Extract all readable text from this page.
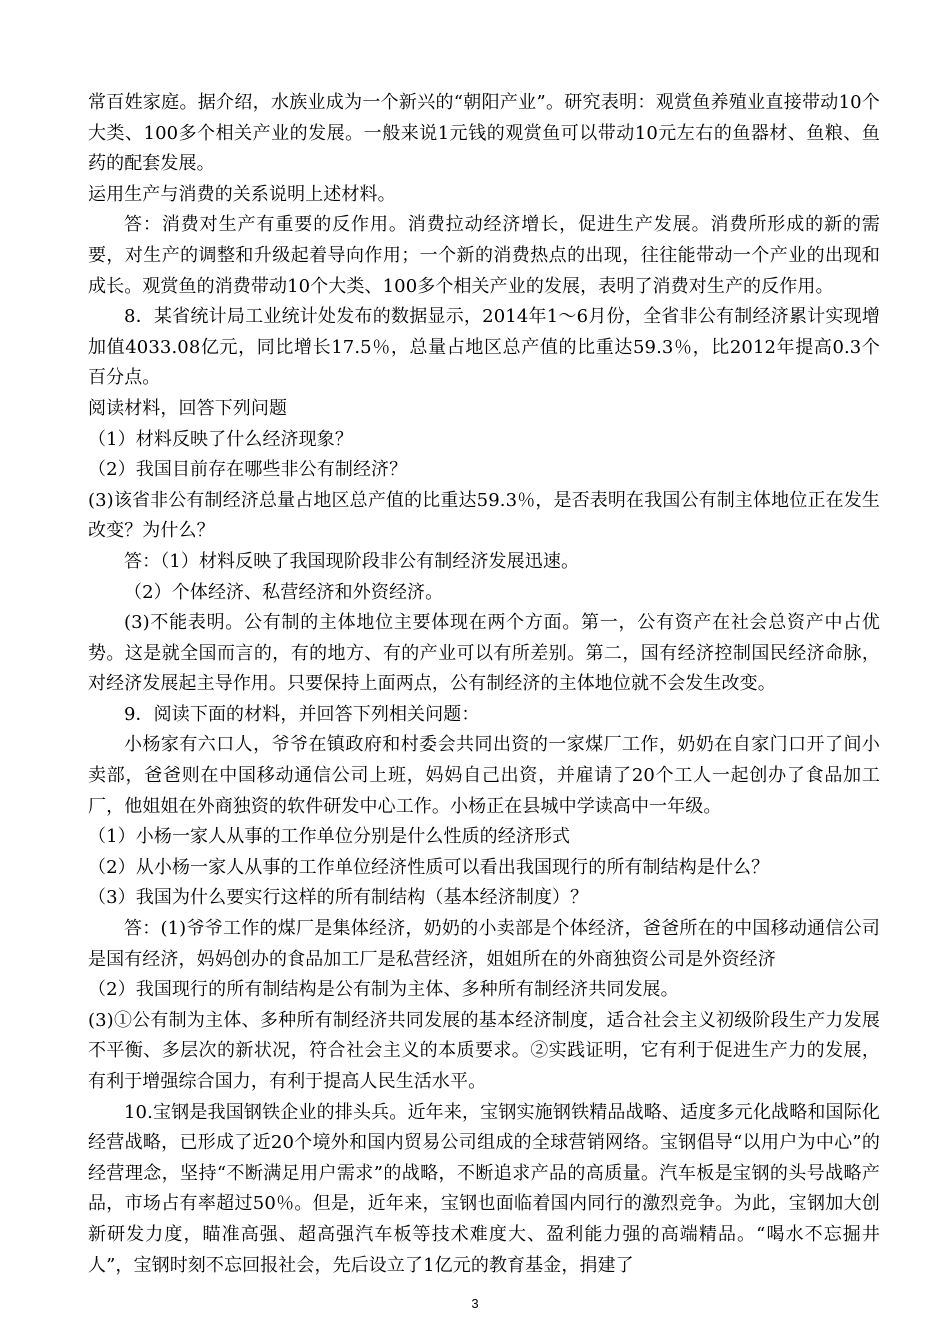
常百姓家庭。据介绍，水族业成为一个新兴的“朝阳产业”。研究表明：观赏鱼养殖业直接带动10个大类、100多个相关产业的发展。一般来说1元钱的观赏鱼可以带动10元左右的鱼器材、鱼粮、鱼药的配套发展。

运用生产与消费的关系说明上述材料。

答：消费对生产有重要的反作用。消费拉动经济增长，促进生产发展。消费所形成的新的需要，对生产的调整和升级起着导向作用；一个新的消费热点的出现，往往能带动一个产业的出现和成长。观赏鱼的消费带动10个大类、100多个相关产业的发展，表明了消费对生产的反作用。

8．某省统计局工业统计处发布的数据显示，2014年1～6月份，全省非公有制经济累计实现增加值4033.08亿元，同比增长17.5％，总量占地区总产值的比重达59.3％，比2012年提高0.3个百分点。

阅读材料，回答下列问题

（1）材料反映了什么经济现象？

（2）我国目前存在哪些非公有制经济？

(3)该省非公有制经济总量占地区总产值的比重达59.3％，是否表明在我国公有制主体地位正在发生改变？为什么？

答：（1）材料反映了我国现阶段非公有制经济发展迅速。

（2）个体经济、私营经济和外资经济。

(3)不能表明。公有制的主体地位主要体现在两个方面。第一，公有资产在社会总资产中占优势。这是就全国而言的，有的地方、有的产业可以有所差别。第二，国有经济控制国民经济命脉，对经济发展起主导作用。只要保持上面两点，公有制经济的主体地位就不会发生改变。

9．阅读下面的材料，并回答下列相关问题：

小杨家有六口人，爷爷在镇政府和村委会共同出资的一家煤厂工作，奶奶在自家门口开了间小卖部，爸爸则在中国移动通信公司上班，妈妈自己出资，并雇请了20个工人一起创办了食品加工厂，他姐姐在外商独资的软件研发中心工作。小杨正在县城中学读高中一年级。

（1）小杨一家人从事的工作单位分别是什么性质的经济形式

（2）从小杨一家人从事的工作单位经济性质可以看出我国现行的所有制结构是什么？

（3）我国为什么要实行这样的所有制结构（基本经济制度）？

答：(1)爷爷工作的煤厂是集体经济，奶奶的小卖部是个体经济，爸爸所在的中国移动通信公司是国有经济，妈妈创办的食品加工厂是私营经济，姐姐所在的外商独资公司是外资经济

（2）我国现行的所有制结构是公有制为主体、多种所有制经济共同发展。

(3)①公有制为主体、多种所有制经济共同发展的基本经济制度，适合社会主义初级阶段生产力发展不平衡、多层次的新状况，符合社会主义的本质要求。②实践证明，它有利于促进生产力的发展，有利于增强综合国力，有利于提高人民生活水平。

10.宝钢是我国钢铁企业的排头兵。近年来，宝钢实施钢铁精品战略、适度多元化战略和国际化经营战略，已形成了近20个境外和国内贸易公司组成的全球营销网络。宝钢倡导“以用户为中心”的经营理念，坚持“不断满足用户需求”的战略，不断追求产品的高质量。汽车板是宝钢的头号战略产品，市场占有率超过50％。但是，近年来，宝钢也面临着国内同行的激烈竞争。为此，宝钢加大创新研发力度，瞄准高强、超高强汽车板等技术难度大、盈利能力强的高端精品。“喝水不忘掘井人”，宝钢时刻不忘回报社会，先后设立了1亿元的教育基金，捐建了

3
